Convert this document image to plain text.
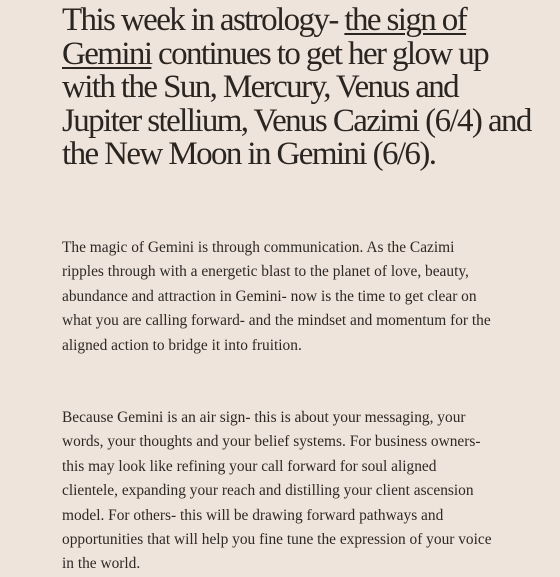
This week in astrology- the sign of Gemini continues to get her glow up with the Sun, Mercury, Venus and Jupiter stellium, Venus Cazimi (6/4) and the New Moon in Gemini (6/6).

The magic of Gemini is through communication. As the Cazimi ripples through with a energetic blast to the planet of love, beauty, abundance and attraction in Gemini- now is the time to get clear on what you are calling forward- and the mindset and momentum for the aligned action to bridge it into fruition.

Because Gemini is an air sign- this is about your messaging, your words, your thoughts and your belief systems. For business owners- this may look like refining your call forward for soul aligned clientele, expanding your reach and distilling your client ascension model. For others- this will be drawing forward pathways and opportunities that will help you fine tune the expression of your voice in the world.
